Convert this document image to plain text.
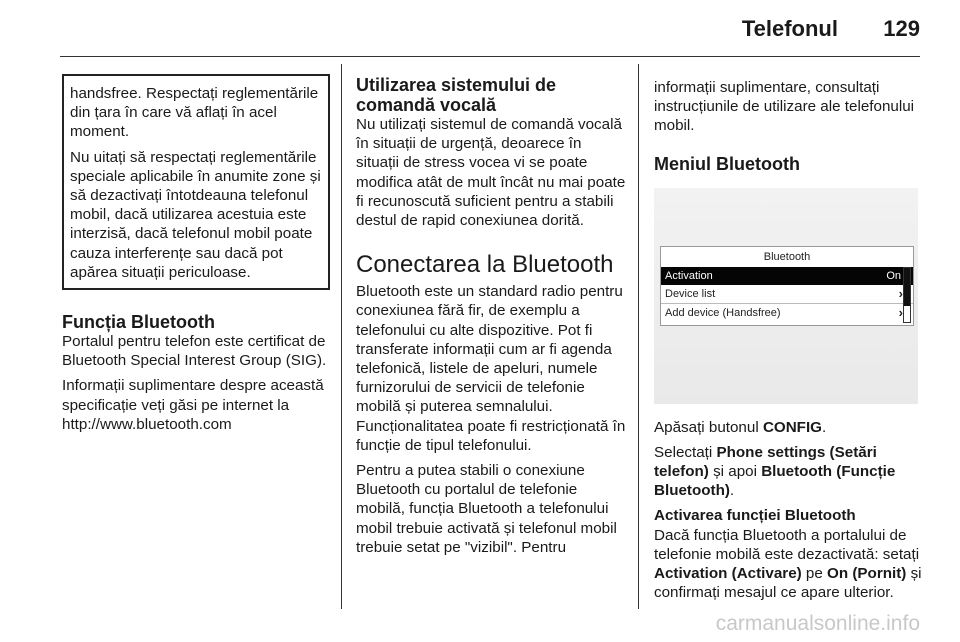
Telefonul 129

handsfree. Respectați reglementările din țara în care vă aflați în acel moment.

Nu uitați să respectați reglementările speciale aplicabile în anumite zone și să dezactivați întotdeauna telefonul mobil, dacă utilizarea acestuia este interzisă, dacă telefonul mobil poate cauza interferențe sau dacă pot apărea situații periculoase.

Funcția Bluetooth

Portalul pentru telefon este certificat de Bluetooth Special Interest Group (SIG).

Informații suplimentare despre această specificație veți găsi pe internet la http://www.bluetooth.com

Utilizarea sistemului de comandă vocală

Nu utilizați sistemul de comandă vocală în situații de urgență, deoarece în situații de stress vocea vi se poate modifica atât de mult încât nu mai poate fi recunoscută suficient pentru a stabili destul de rapid conexiunea dorită.

Conectarea la Bluetooth

Bluetooth este un standard radio pentru conexiunea fără fir, de exemplu a telefonului cu alte dispozitive. Pot fi transferate informații cum ar fi agenda telefonică, listele de apeluri, numele furnizorului de servicii de telefonie mobilă și puterea semnalului. Funcționalitatea poate fi restricționată în funcție de tipul telefonului.

Pentru a putea stabili o conexiune Bluetooth cu portalul de telefonie mobilă, funcția Bluetooth a telefonului mobil trebuie activată și telefonul mobil trebuie setat pe "vizibil". Pentru

informații suplimentare, consultați instrucțiunile de utilizare ale telefonului mobil.

Meniul Bluetooth
Bluetooth
Activation	On
Device list	›
Add device (Handsfree)	›

Apăsați butonul CONFIG.

Selectați Phone settings (Setări telefon) și apoi Bluetooth (Funcție Bluetooth).

Activarea funcției Bluetooth

Dacă funcția Bluetooth a portalului de telefonie mobilă este dezactivată: setați Activation (Activare) pe On (Pornit) și confirmați mesajul ce apare ulterior.

carmanualsonline.info
